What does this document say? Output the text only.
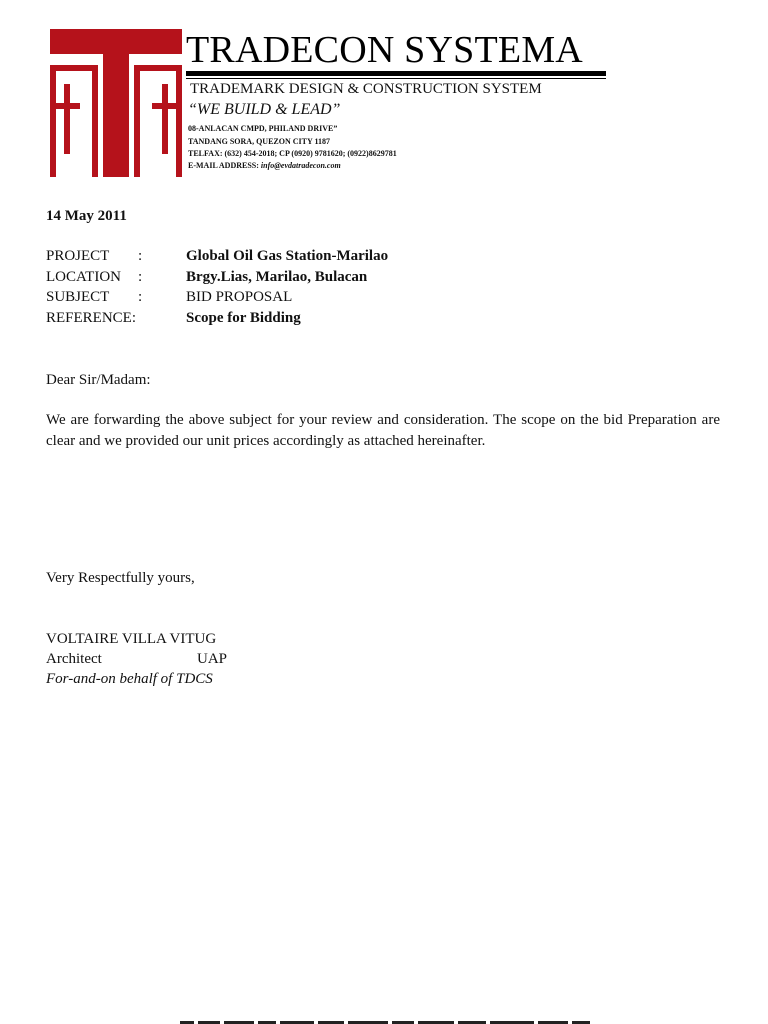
TRADECON SYSTEMA
TRADEMARK DESIGN & CONSTRUCTION SYSTEM
“WE BUILD & LEAD”
08-ANLACAN CMPD, PHILAND DRIVE”
TANDANG SORA, QUEZON CITY 1187
TELFAX: (632) 454-2018; CP (0920) 9781620; (0922)8629781
E-MAIL ADDRESS: info@evdatradecon.com
14 May 2011
PROJECT :	Global Oil Gas Station-Marilao
LOCATION :	Brgy.Lias, Marilao, Bulacan
SUBJECT :	BID PROPOSAL
REFERENCE:	Scope for Bidding
Dear Sir/Madam:
We are forwarding the above subject for your review and consideration. The scope on the bid Preparation are clear and we provided our unit prices accordingly as attached hereinafter.
Very Respectfully yours,
VOLTAIRE VILLA VITUG
Architect	UAP
For-and-on behalf of TDCS
